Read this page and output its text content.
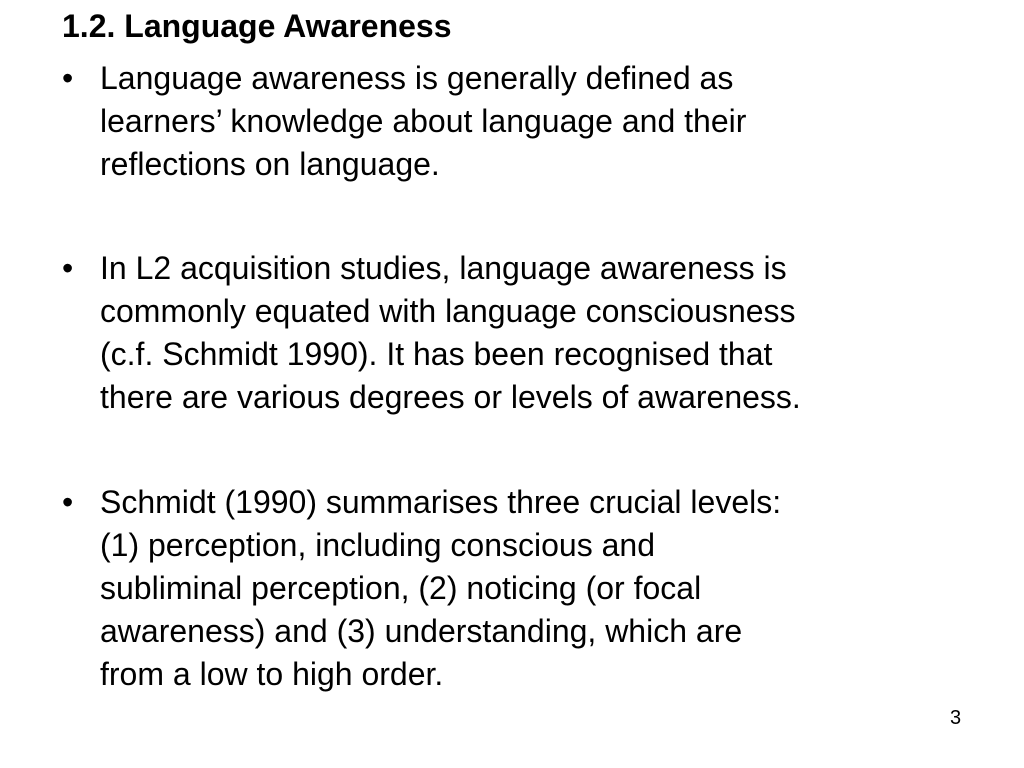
1.2. Language Awareness
• Language awareness is generally defined as
learners’ knowledge about language and their
reflections on language.

• In L2 acquisition studies, language awareness is
commonly equated with language consciousness
(c.f. Schmidt 1990). It has been recognised that
there are various degrees or levels of awareness.

• Schmidt (1990) summarises three crucial levels:
(1) perception, including conscious and
subliminal perception, (2) noticing (or focal
awareness) and (3) understanding, which are
from a low to high order.

3
